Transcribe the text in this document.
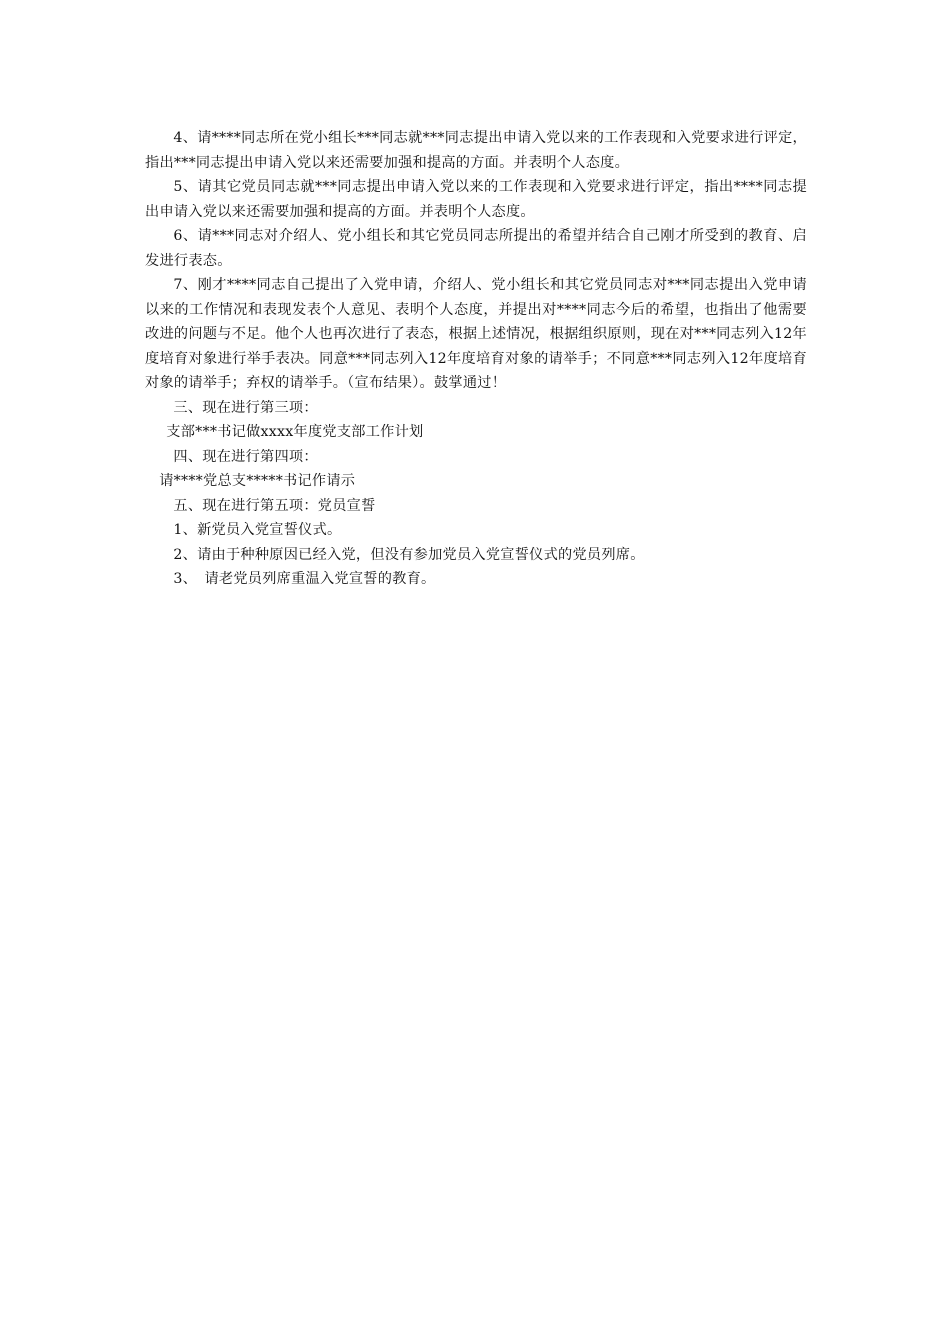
4、请****同志所在党小组长***同志就***同志提出申请入党以来的工作表现和入党要求进行评定，指出***同志提出申请入党以来还需要加强和提高的方面。并表明个人态度。

5、请其它党员同志就***同志提出申请入党以来的工作表现和入党要求进行评定，指出****同志提出申请入党以来还需要加强和提高的方面。并表明个人态度。

6、请***同志对介绍人、党小组长和其它党员同志所提出的希望并结合自己刚才所受到的教育、启发进行表态。

7、刚才****同志自己提出了入党申请，介绍人、党小组长和其它党员同志对***同志提出入党申请以来的工作情况和表现发表个人意见、表明个人态度，并提出对****同志今后的希望，也指出了他需要改进的问题与不足。他个人也再次进行了表态，根据上述情况，根据组织原则，现在对***同志列入12年度培育对象进行举手表决。同意***同志列入12年度培育对象的请举手；不同意***同志列入12年度培育对象的请举手；弃权的请举手。（宣布结果）。鼓掌通过！

三、现在进行第三项：

支部***书记做xxxx年度党支部工作计划

四、现在进行第四项：

请****党总支*****书记作请示

五、现在进行第五项：党员宣誓

1、新党员入党宣誓仪式。

2、请由于种种原因已经入党，但没有参加党员入党宣誓仪式的党员列席。

3、　请老党员列席重温入党宣誓的教育。
